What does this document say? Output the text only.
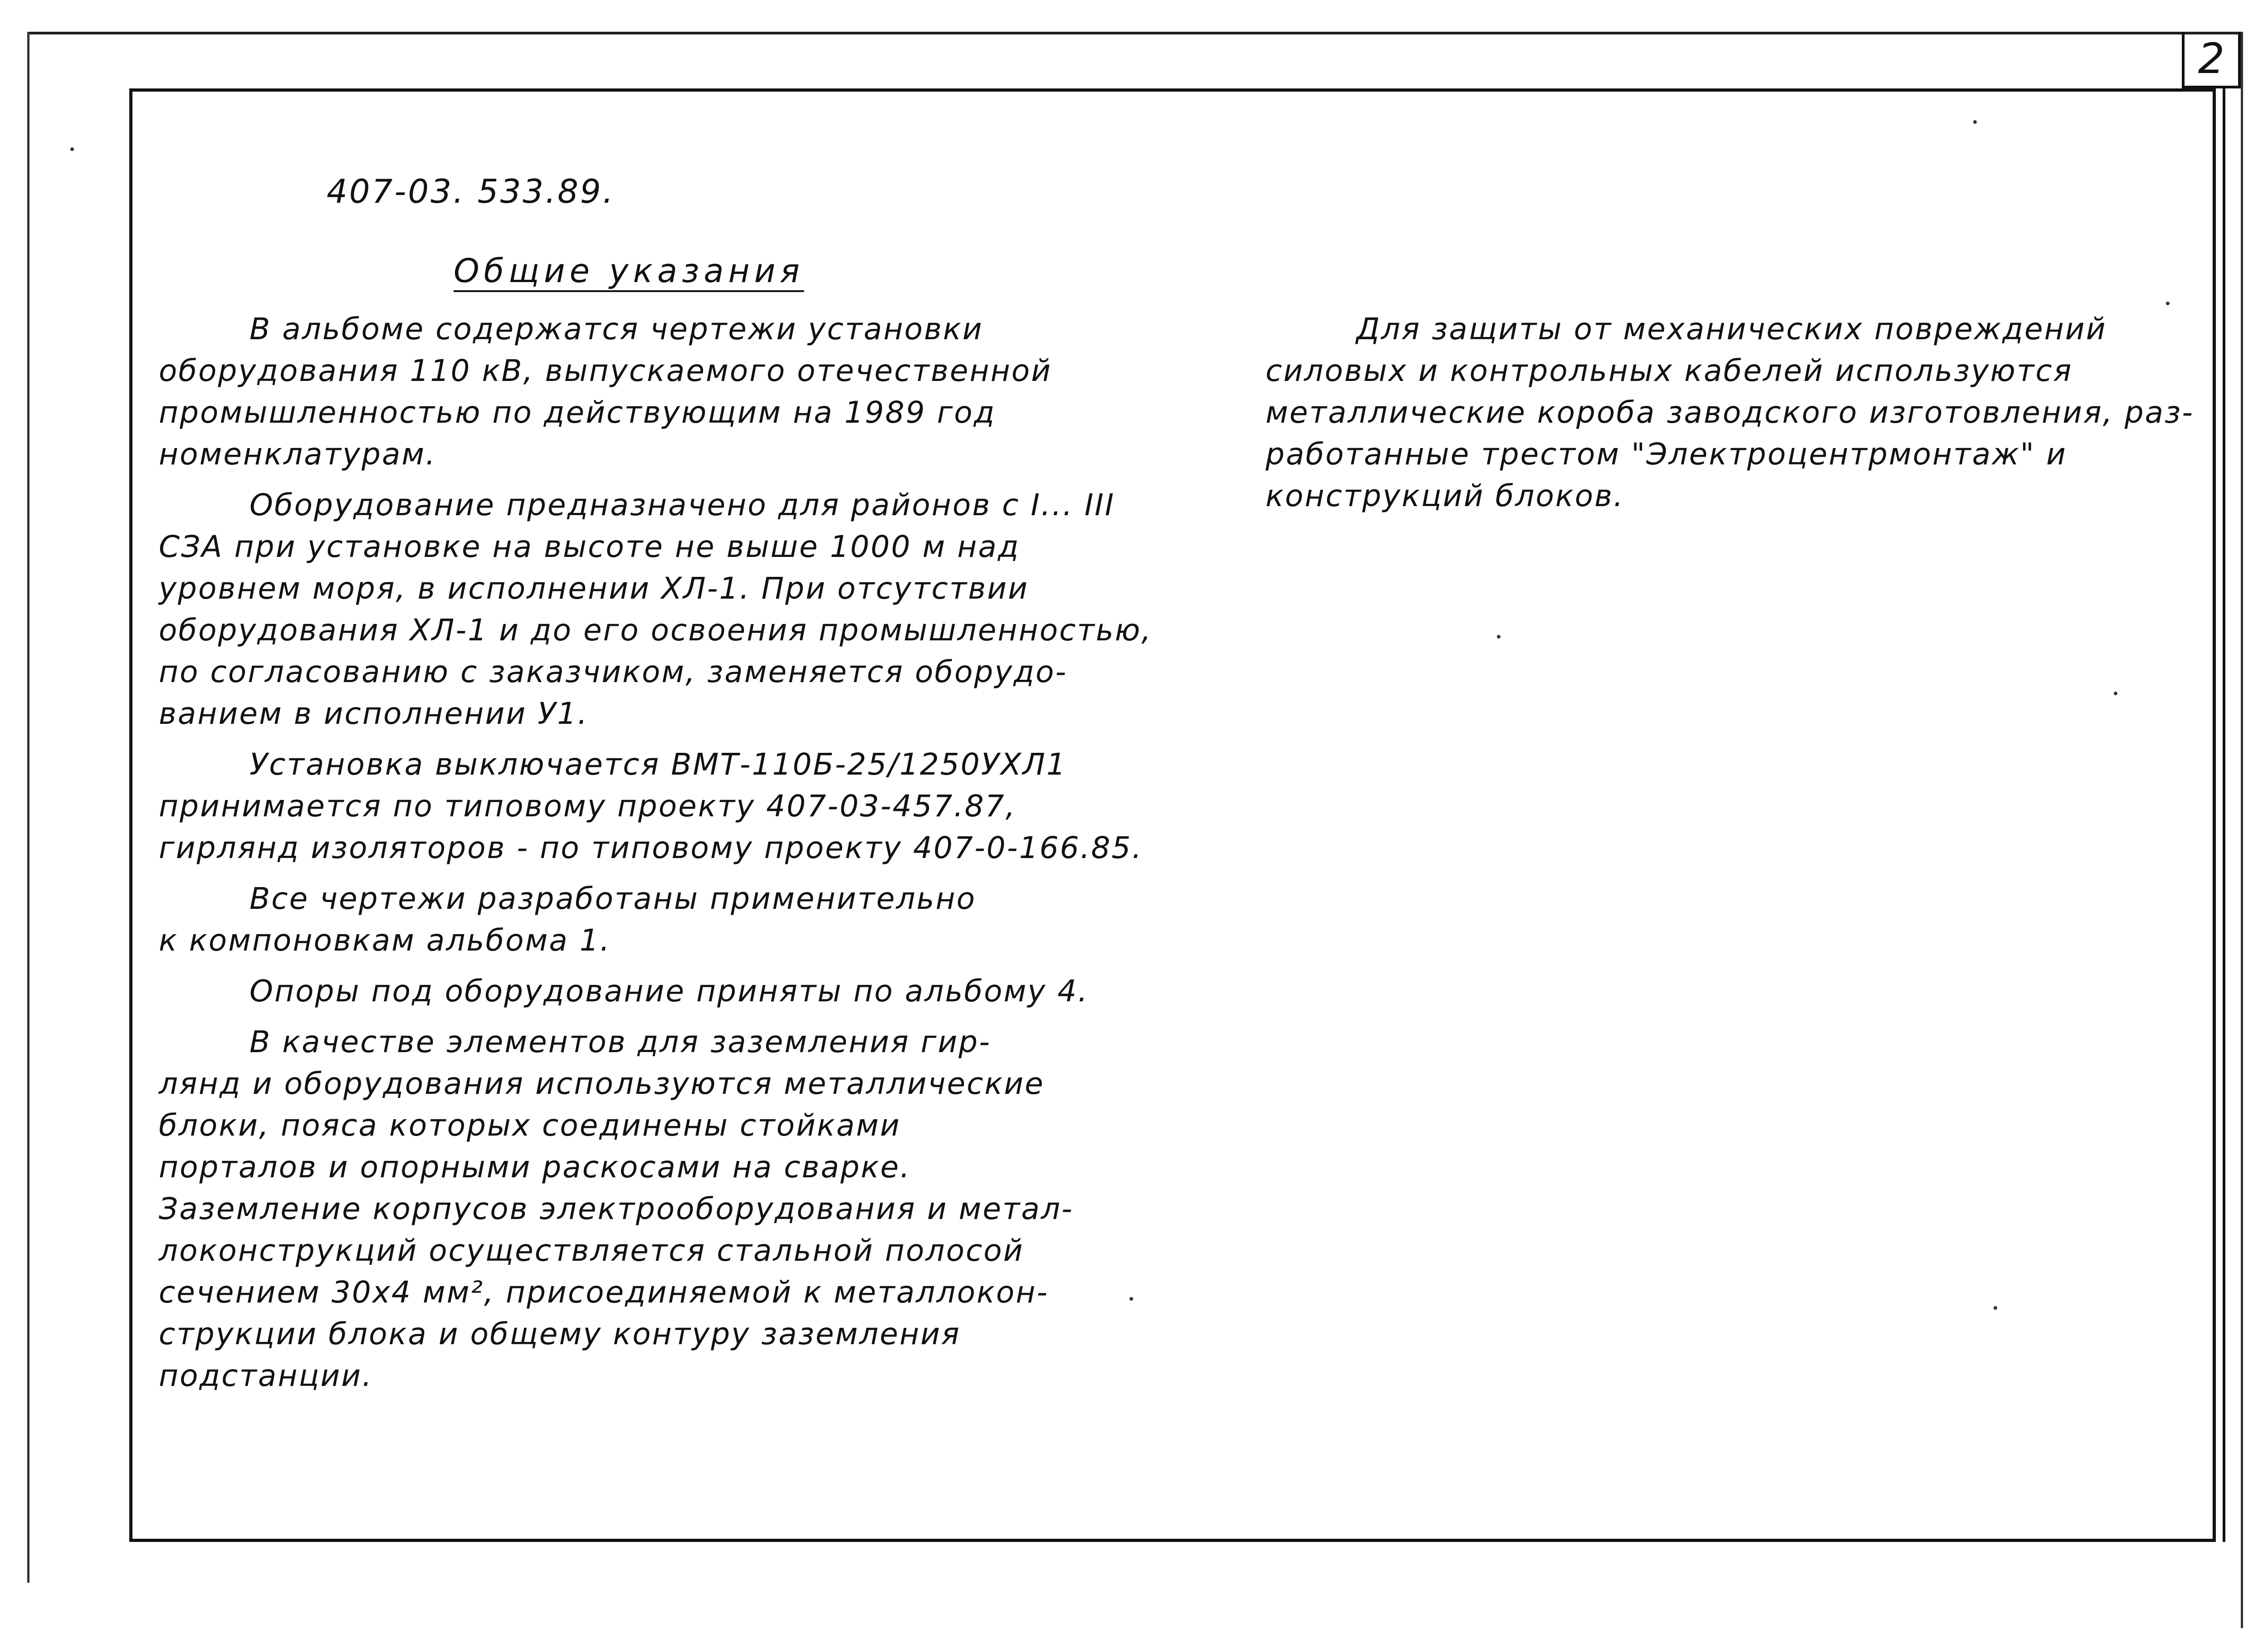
2
407-03. 533.89.
Общие указания
В альбоме содержатся чертежи установки
оборудования 110 кВ, выпускаемого отечественной
промышленностью по действующим на 1989 год
номенклатурам.
Оборудование предназначено для районов с I... III
СЗА при установке на высоте не выше 1000 м над
уровнем моря, в исполнении ХЛ-1. При отсутствии
оборудования ХЛ-1 и до его освоения промышленностью,
по согласованию с заказчиком, заменяется оборудо-
ванием в исполнении У1.
Установка выключается ВМТ-110Б-25/1250УХЛ1
принимается по типовому проекту 407-03-457.87,
гирлянд изоляторов - по типовому проекту 407-0-166.85.
Все чертежи разработаны применительно
к компоновкам альбома 1.
Опоры под оборудование приняты по альбому 4.
В качестве элементов для заземления гир-
лянд и оборудования используются металлические
блоки, пояса которых соединены стойками
порталов и опорными раскосами на сварке.
Заземление корпусов электрооборудования и метал-
локонструкций осуществляется стальной полосой
сечением 30х4 мм², присоединяемой к металлокон-
струкции блока и общему контуру заземления
подстанции.
Для защиты от механических повреждений
силовых и контрольных кабелей используются
металлические короба заводского изготовления, раз-
работанные трестом "Электроцентрмонтаж" и
конструкций блоков.
